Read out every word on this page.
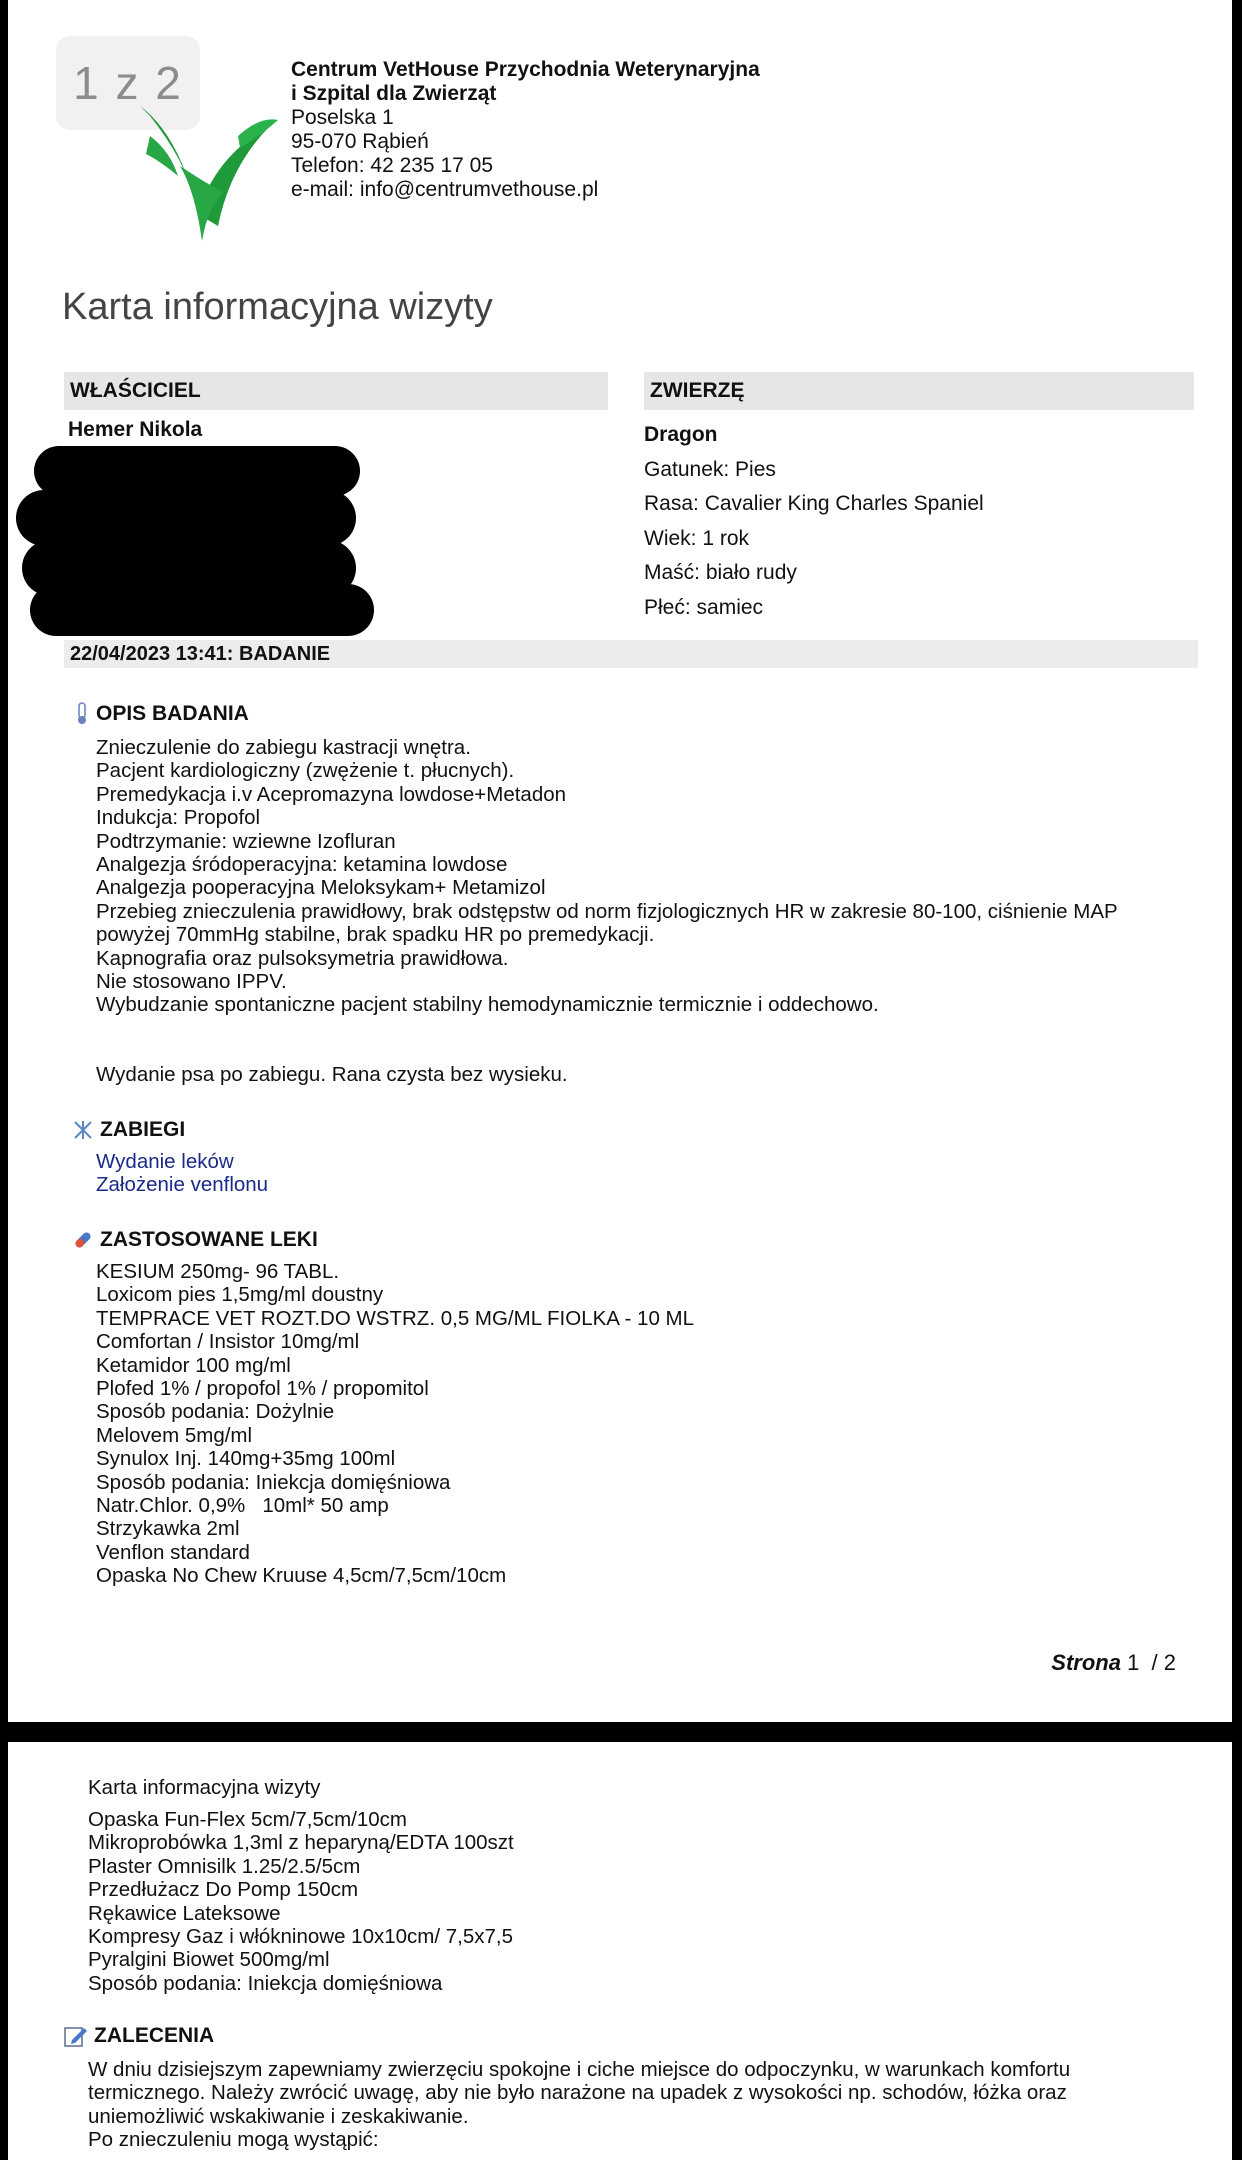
1 z 2	Centrum VetHouse Przychodnia Weterynaryjna
i Szpital dla Zwierząt
Poselska 1
95-070 Rąbień
Telefon: 42 235 17 05
e-mail: info@centrumvethouse.pl
Karta informacyjna wizyty
WŁAŚCICIEL	ZWIERZĘ
Hemer Nikola	Dragon
Gatunek: Pies
Rasa: Cavalier King Charles Spaniel
Wiek: 1 rok
Maść: biało rudy
Płeć: samiec
22/04/2023 13:41: BADANIE
OPIS BADANIA
Znieczulenie do zabiegu kastracji wnętra.
Pacjent kardiologiczny (zwężenie t. płucnych).
Premedykacja i.v Acepromazyna lowdose+Metadon
Indukcja: Propofol
Podtrzymanie: wziewne Izofluran
Analgezja śródoperacyjna: ketamina lowdose
Analgezja pooperacyjna Meloksykam+ Metamizol
Przebieg znieczulenia prawidłowy, brak odstępstw od norm fizjologicznych HR w zakresie 80-100, ciśnienie MAP
powyżej 70mmHg stabilne, brak spadku HR po premedykacji.
Kapnografia oraz pulsoksymetria prawidłowa.
Nie stosowano IPPV.
Wybudzanie spontaniczne pacjent stabilny hemodynamicznie termicznie i oddechowo.
Wydanie psa po zabiegu. Rana czysta bez wysieku.
ZABIEGI
Wydanie leków
Założenie venflonu
ZASTOSOWANE LEKI
KESIUM 250mg- 96 TABL.
Loxicom pies 1,5mg/ml doustny
TEMPRACE VET ROZT.DO WSTRZ. 0,5 MG/ML FIOLKA - 10 ML
Comfortan / Insistor 10mg/ml
Ketamidor 100 mg/ml
Plofed 1% / propofol 1% / propomitol
Sposób podania: Dożylnie
Melovem 5mg/ml
Synulox Inj. 140mg+35mg 100ml
Sposób podania: Iniekcja domięśniowa
Natr.Chlor. 0,9%   10ml* 50 amp
Strzykawka 2ml
Venflon standard
Opaska No Chew Kruuse 4,5cm/7,5cm/10cm
Strona 1  / 2
Karta informacyjna wizyty
Opaska Fun-Flex 5cm/7,5cm/10cm
Mikroprobówka 1,3ml z heparyną/EDTA 100szt
Plaster Omnisilk 1.25/2.5/5cm
Przedłużacz Do Pomp 150cm
Rękawice Lateksowe
Kompresy Gaz i włókninowe 10x10cm/ 7,5x7,5
Pyralgini Biowet 500mg/ml
Sposób podania: Iniekcja domięśniowa
ZALECENIA
W dniu dzisiejszym zapewniamy zwierzęciu spokojne i ciche miejsce do odpoczynku, w warunkach komfortu
termicznego. Należy zwrócić uwagę, aby nie było narażone na upadek z wysokości np. schodów, łóżka oraz
uniemożliwić wskakiwanie i zeskakiwanie.
Po znieczuleniu mogą wystąpić:
